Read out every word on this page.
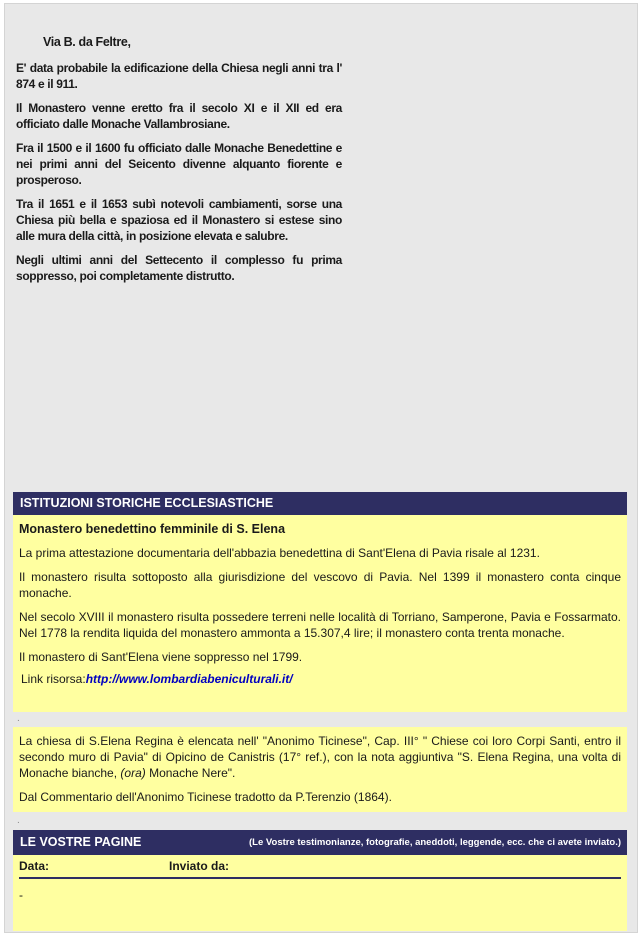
Via B. da Feltre,

E' data probabile la edificazione della Chiesa negli anni tra l' 874 e il 911.

Il Monastero venne eretto fra il secolo XI e il XII ed era officiato dalle Monache Vallambrosiane.

Fra il 1500 e il 1600 fu officiato dalle Monache Benedettine e nei primi anni del Seicento divenne alquanto fiorente e prosperoso.

Tra il 1651 e il 1653 subì notevoli cambiamenti, sorse una Chiesa più bella e spaziosa ed il Monastero si estese sino alle mura della città, in posizione elevata e salubre.

Negli ultimi anni del Settecento il complesso fu prima soppresso, poi completamente distrutto.

ISTITUZIONI STORICHE ECCLESIASTICHE
Monastero benedettino femminile di S. Elena

La prima attestazione documentaria dell'abbazia benedettina di Sant'Elena di Pavia risale al 1231.

Il monastero risulta sottoposto alla giurisdizione del vescovo di Pavia. Nel 1399 il monastero conta cinque monache.

Nel secolo XVIII il monastero risulta possedere terreni nelle località di Torriano, Samperone, Pavia e Fossarmato. Nel 1778 la rendita liquida del monastero ammonta a 15.307,4 lire; il monastero conta trenta monache.

Il monastero di Sant'Elena viene soppresso nel 1799.

Link risorsa:http://www.lombardiabeniculturali.it/
.

La chiesa di S.Elena Regina è elencata nell' "Anonimo Ticinese", Cap. III° " Chiese coi loro Corpi Santi, entro il secondo muro di Pavia" di Opicino de Canistris (17° ref.), con la nota aggiuntiva "S. Elena Regina, una volta di Monache bianche, (ora) Monache Nere".

Dal Commentario dell'Anonimo Ticinese tradotto da P.Terenzio (1864).

.
LE VOSTRE PAGINE	(Le Vostre testimonianze, fotografie, aneddoti, leggende, ecc. che ci avete inviato.)
Data:	Inviato da:
-
